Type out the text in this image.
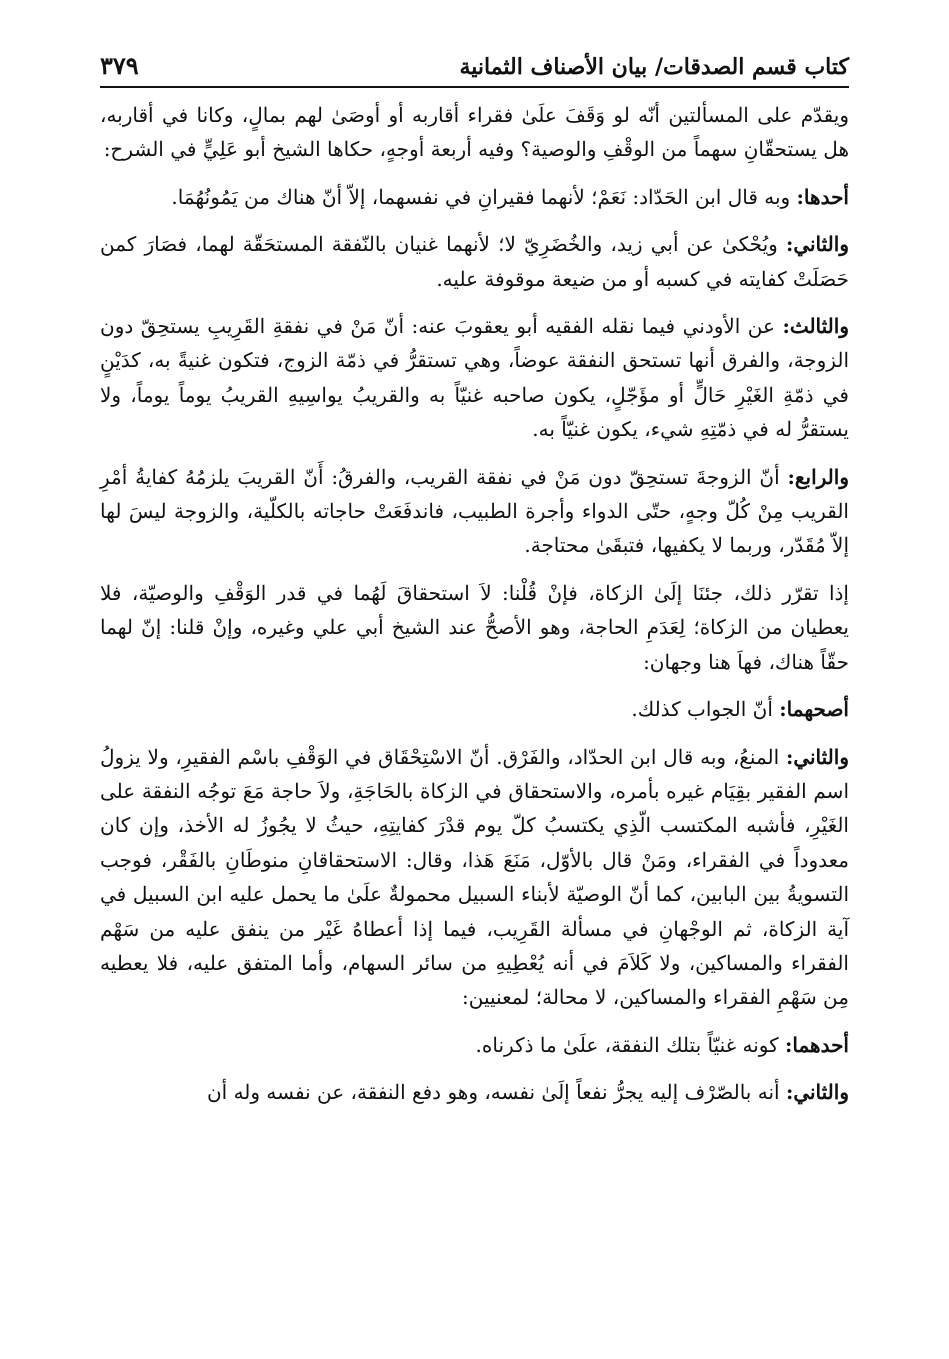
كتاب قسم الصدقات/ بيان الأصناف الثمانية
٣٧٩

ويقدّم على المسألتين أنّه لو وَقَفَ علَىٰ فقراء أقاربه أو أوصَىٰ لهم بمالٍ، وكانا في أقاربه، هل يستحقّانِ سهماً من الوقْفِ والوصية؟ وفيه أربعة أوجهٍ، حكاها الشيخ أبو عَلِيٍّ في الشرح:

أحدها: وبه قال ابن الحَدّاد: نَعَمْ؛ لأنهما فقيرانِ في نفسهما، إلاّ أنّ هناك من يَمُونُهُمَا.

والثاني: ويُحْكىٰ عن أبي زيد، والخُضَرِيّ لا؛ لأنهما غنيان بالنّفقة المستحَقّة لهما، فصَارَ كمن حَصَلَتْ كفايته في كسبه أو من ضيعة موقوفة عليه.

والثالث: عن الأودني فيما نقله الفقيه أبو يعقوبَ عنه: أنّ مَنْ في نفقةِ القَرِيبِ يستحِقّ دون الزوجة، والفرق أنها تستحق النفقة عوضاً، وهي تستقرُّ في ذمّة الزوج، فتكون غنيةً به، كدَيْنٍ في ذمّةِ الغَيْرِ حَالٍّ أو مؤَجّلٍ، يكون صاحبه غنيّاً به والقريبُ يواسِيهِ القريبُ يوماً يوماً، ولا يستقرُّ له في ذمّتِهِ شيء، يكون غنيّاً به.

والرابع: أنّ الزوجةَ تستحِقّ دون مَنْ في نفقة القريب، والفرقُ: أَنّ القريبَ يلزمُهُ كفايةُ أمْرِ القريب مِنْ كُلّ وجهٍ، حتّى الدواء وأجرة الطبيب، فاندفَعَتْ حاجاته بالكلّية، والزوجة ليسَ لها إلاّ مُقَدّر، وربما لا يكفيها، فتبقَىٰ محتاجة.

إذا تقرّر ذلك، جئنَا إلَىٰ الزكاة، فإنْ قُلْنا: لاَ استحقاقَ لَهُما في قدر الوَقْفِ والوصيّة، فلا يعطيان من الزكاة؛ لِعَدَمِ الحاجة، وهو الأصحُّ عند الشيخ أبي علي وغيره، وإنْ قلنا: إنّ لهما حقّاً هناك، فهاَ هنا وجهان:

أصحهما: أنّ الجواب كذلك.

والثاني: المنعُ، وبه قال ابن الحدّاد، والفَرْق. أنّ الاسْتِحْقَاق في الوَقْفِ باسْم الفقيرِ، ولا يزولُ اسم الفقير بقِيَام غيره بأمره، والاستحقاق في الزكاة بالحَاجَةِ، ولاَ حاجة مَعَ توجُه النفقة على الغَيْرِ، فأشبه المكتسب الّذِي يكتسبُ كلّ يوم قدْرَ كفايتِهِ، حيثُ لا يجُوزُ له الأخذ، وإن كان معدوداً في الفقراء، ومَنْ قال بالأوّل، مَنَعَ هَذا، وقال: الاستحقاقانِ منوطَانِ بالفَقْر، فوجب التسويةُ بين البابين، كما أنّ الوصيّة لأبناء السبيل محمولةٌ علَىٰ ما يحمل عليه ابن السبيل في آية الزكاة، ثم الوجْهانِ في مسألة القَرِيب، فيما إذا أعطاهُ غَيْر من ينفق عليه من سَهْم الفقراء والمساكين، ولا كَلاَمَ في أنه يُعْطِيهِ من سائر السهام، وأما المتفق عليه، فلا يعطيه مِن سَهْمِ الفقراء والمساكين، لا محالة؛ لمعنيين:

أحدهما: كونه غنيّاً بتلك النفقة، علَىٰ ما ذكرناه.

والثاني: أنه بالصّرْف إليه يجرُّ نفعاً إلَىٰ نفسه، وهو دفع النفقة، عن نفسه وله أن
